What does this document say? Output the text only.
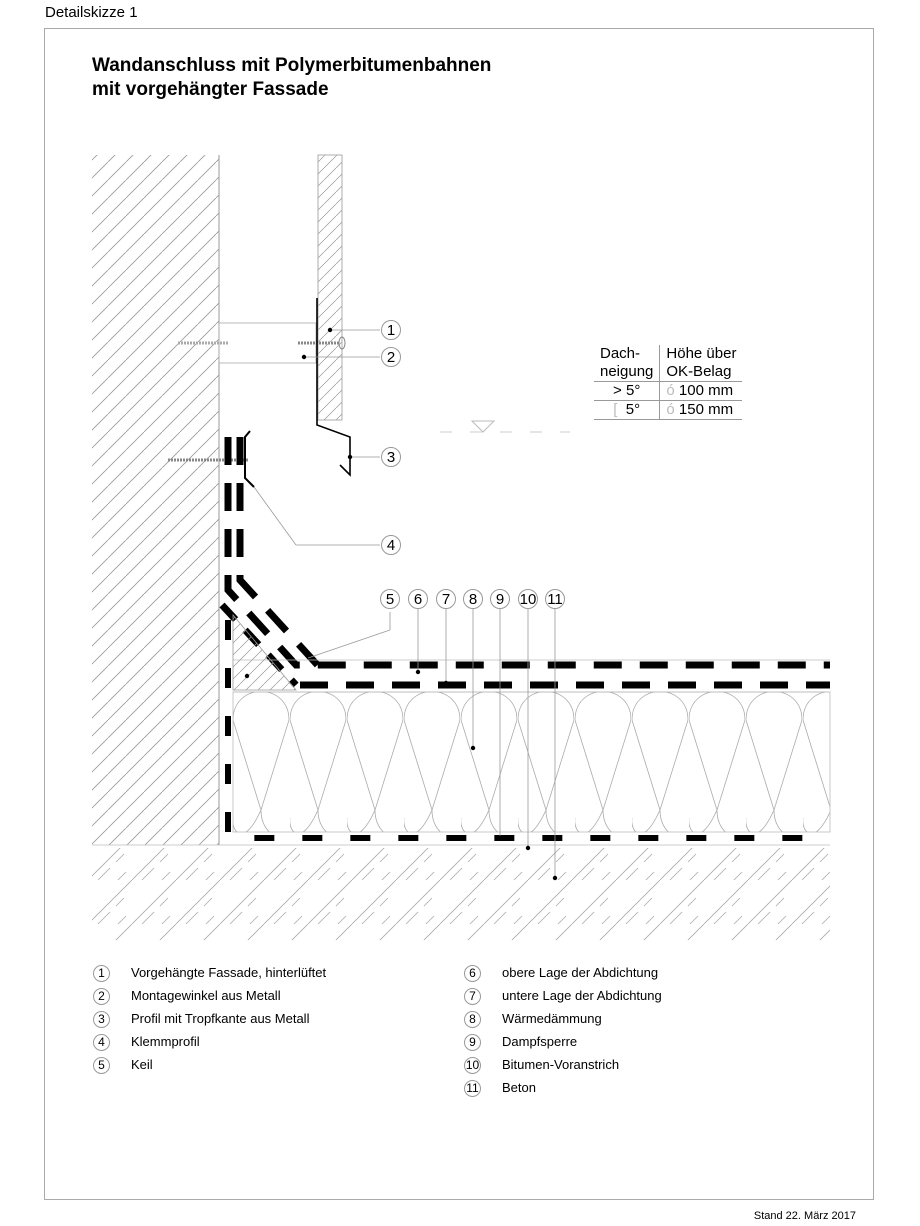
Detailskizze 1
Wandanschluss mit Polymerbitumenbahnen
mit vorgehängter Fassade
1
2
3
4
5 6 7 8 9 10 11
Dach-
neigung

Höhe über
OK-Belag

> 5°	ó 100 mm
[ 5°	ó 150 mm
1	Vorgehängte Fassade, hinterlüftet
2	Montagewinkel aus Metall
3	Profil mit Tropfkante aus Metall
4	Klemmprofil
5	Keil
6	obere Lage der Abdichtung
7	untere Lage der Abdichtung
8	Wärmedämmung
9	Dampfsperre
10 Bitumen-Voranstrich
11 Beton
Stand 22. März 2017
